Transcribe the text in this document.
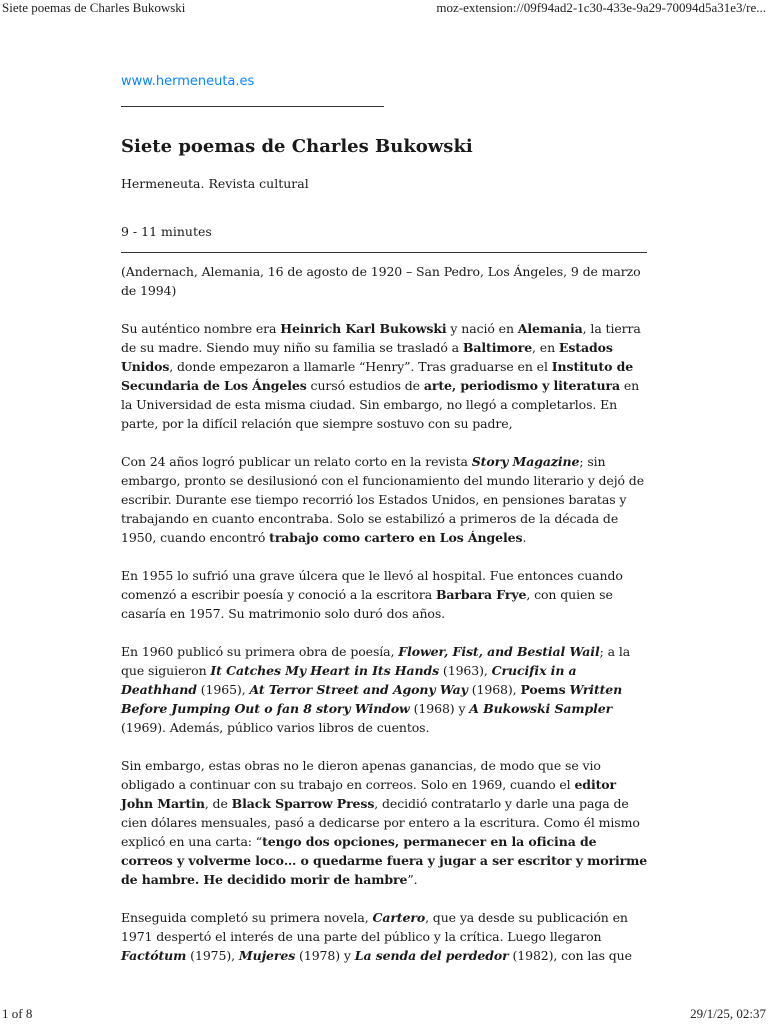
Siete poemas de Charles Bukowski	moz-extension://09f94ad2-1c30-433e-9a29-70094d5a31e3/re...
www.hermeneuta.es
Siete poemas de Charles Bukowski
Hermeneuta. Revista cultural
9 - 11 minutes

(Andernach, Alemania, 16 de agosto de 1920 – San Pedro, Los Ángeles, 9 de marzo de 1994)

Su auténtico nombre era Heinrich Karl Bukowski y nació en Alemania, la tierra de su madre. Siendo muy niño su familia se trasladó a Baltimore, en Estados Unidos, donde empezaron a llamarle “Henry”. Tras graduarse en el Instituto de Secundaria de Los Ángeles cursó estudios de arte, periodismo y literatura en la Universidad de esta misma ciudad. Sin embargo, no llegó a completarlos. En parte, por la difícil relación que siempre sostuvo con su padre,

Con 24 años logró publicar un relato corto en la revista Story Magazine; sin embargo, pronto se desilusionó con el funcionamiento del mundo literario y dejó de escribir. Durante ese tiempo recorrió los Estados Unidos, en pensiones baratas y trabajando en cuanto encontraba. Solo se estabilizó a primeros de la década de 1950, cuando encontró trabajo como cartero en Los Ángeles.

En 1955 lo sufrió una grave úlcera que le llevó al hospital. Fue entonces cuando comenzó a escribir poesía y conoció a la escritora Barbara Frye, con quien se casaría en 1957. Su matrimonio solo duró dos años.

En 1960 publicó su primera obra de poesía, Flower, Fist, and Bestial Wail; a la que siguieron It Catches My Heart in Its Hands (1963), Crucifix in a Deathhand (1965), At Terror Street and Agony Way (1968), Poems Written Before Jumping Out o fan 8 story Window (1968) y A Bukowski Sampler (1969). Además, público varios libros de cuentos.

Sin embargo, estas obras no le dieron apenas ganancias, de modo que se vio obligado a continuar con su trabajo en correos. Solo en 1969, cuando el editor John Martin, de Black Sparrow Press, decidió contratarlo y darle una paga de cien dólares mensuales, pasó a dedicarse por entero a la escritura. Como él mismo explicó en una carta: “tengo dos opciones, permanecer en la oficina de correos y volverme loco… o quedarme fuera y jugar a ser escritor y morirme de hambre. He decidido morir de hambre”.

Enseguida completó su primera novela, Cartero, que ya desde su publicación en 1971 despertó el interés de una parte del público y la crítica. Luego llegaron Factótum (1975), Mujeres (1978) y La senda del perdedor (1982), con las que

1 of 8	29/1/25, 02:37
